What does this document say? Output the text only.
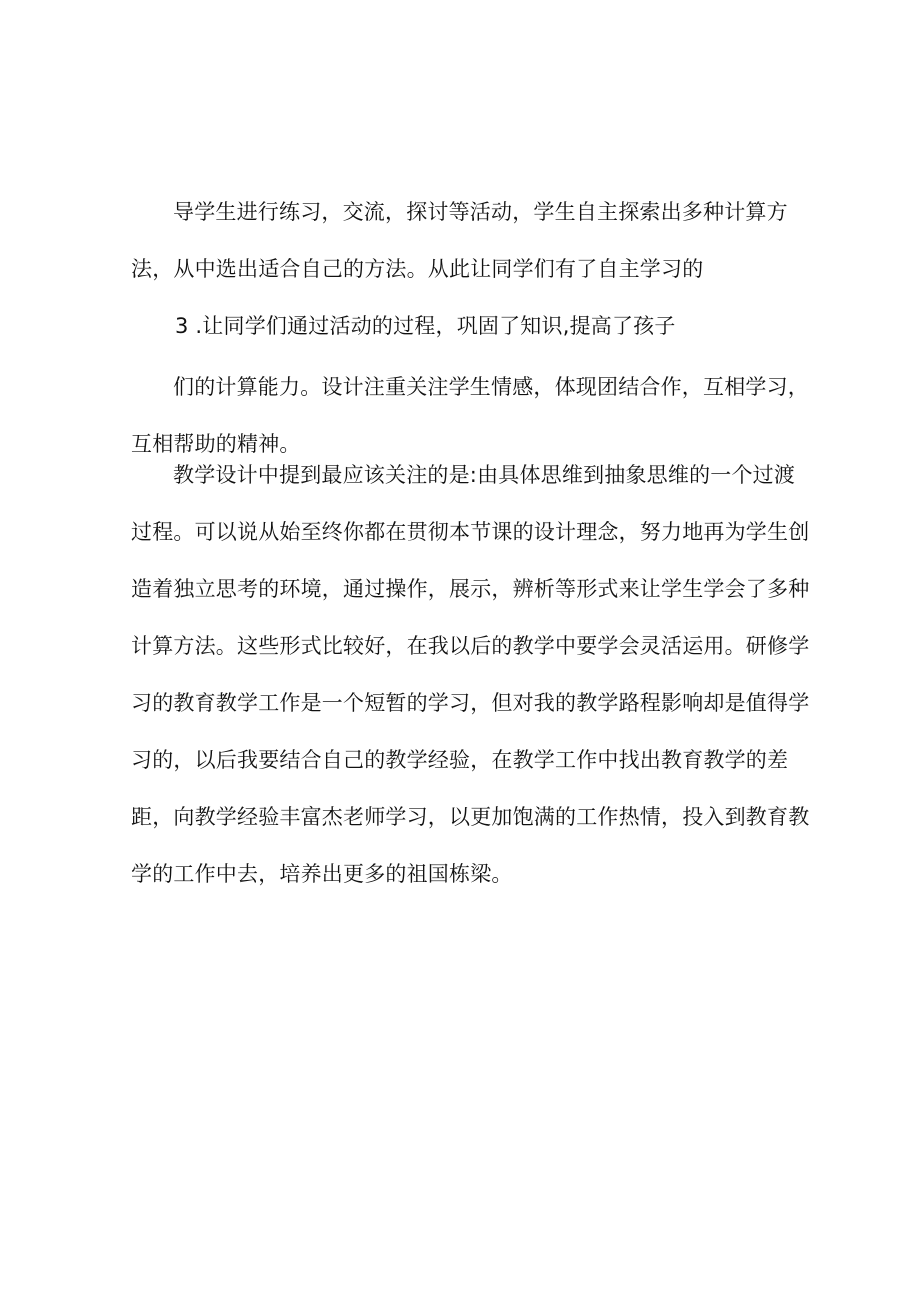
导学生进行练习，交流，探讨等活动，学生自主探索出多种计算方法，从中选出适合自己的方法。从此让同学们有了自主学习的

3 .让同学们通过活动的过程，巩固了知识,提高了孩子

们的计算能力。设计注重关注学生情感，体现团结合作，互相学习，互相帮助的精神。

教学设计中提到最应该关注的是:由具体思维到抽象思维的一个过渡过程。可以说从始至终你都在贯彻本节课的设计理念，努力地再为学生创造着独立思考的环境，通过操作，展示，辨析等形式来让学生学会了多种计算方法。这些形式比较好，在我以后的教学中要学会灵活运用。研修学习的教育教学工作是一个短暂的学习，但对我的教学路程影响却是值得学习的，以后我要结合自己的教学经验，在教学工作中找出教育教学的差距，向教学经验丰富杰老师学习，以更加饱满的工作热情，投入到教育教学的工作中去，培养出更多的祖国栋梁。
